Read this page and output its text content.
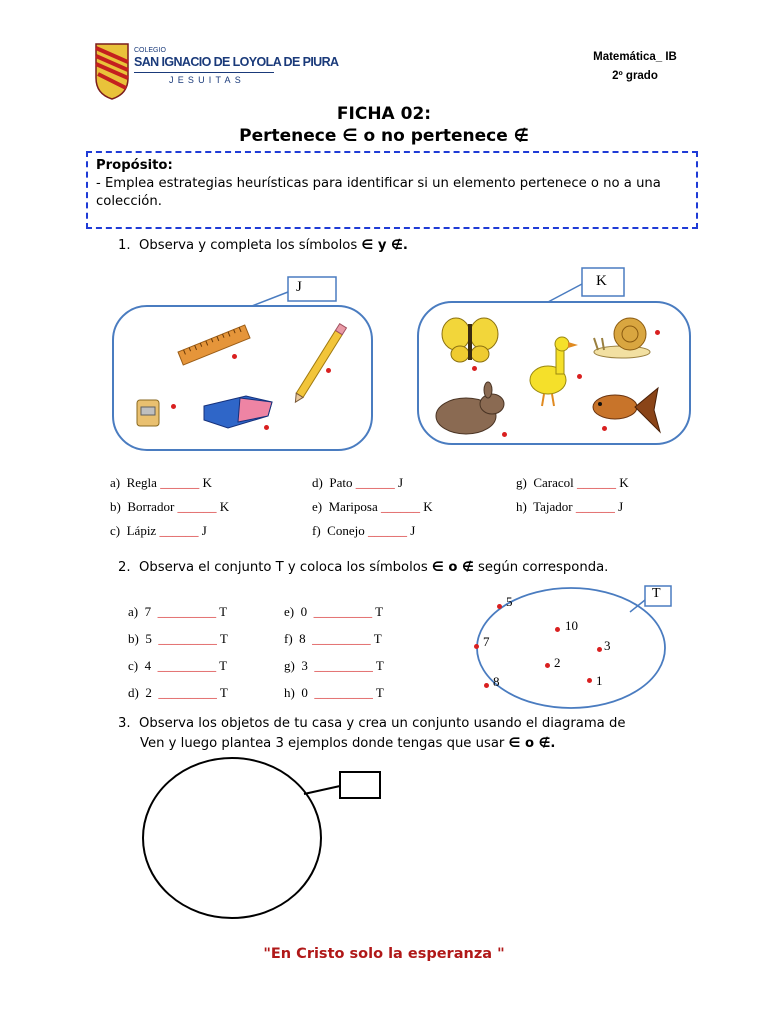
COLEGIO
SAN IGNACIO DE LOYOLA DE PIURA
JESUITAS
Matemática_ IB
2º grado
FICHA 02:
Pertenece ∈ o no pertenece ∉
Propósito:
- Emplea estrategias heurísticas para identificar si un elemento pertenece o no a una colección.
1. Observa y completa los símbolos ∈ y ∉.
J	K
a) Regla ______ K
b) Borrador ______ K
c) Lápiz ______ J
d) Pato ______ J
e) Mariposa ______ K
f) Conejo ______ J
g) Caracol ______ K
h) Tajador ______ J
2. Observa el conjunto T y coloca los símbolos ∈ o ∉ según corresponda.
a) 7 _________ T
b) 5 _________ T
c) 4 _________ T
d) 2 _________ T
e) 0 _________ T
f) 8 _________ T
g) 3 _________ T
h) 0 _________ T
T
10
3
2
1
5
7
8
3. Observa los objetos de tu casa y crea un conjunto usando el diagrama de
Ven y luego plantea 3 ejemplos donde tengas que usar ∈ o ∉.
"En Cristo solo la esperanza "
